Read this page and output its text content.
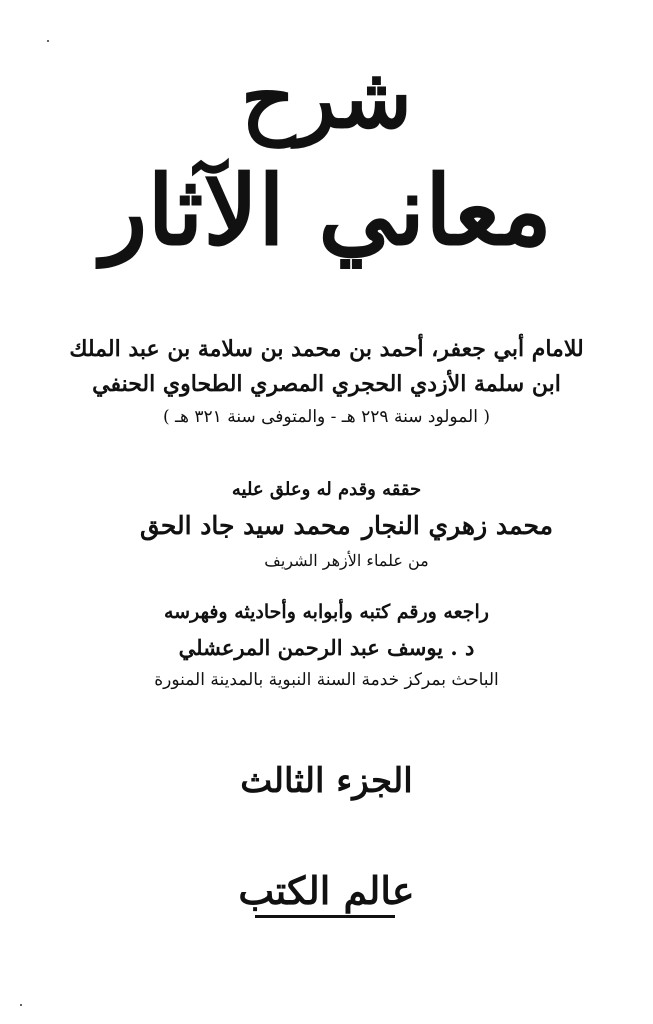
شرح
معاني الآثار
للامام أبي جعفر، أحمد بن محمد بن سلامة بن عبد الملك
ابن سلمة الأزدي الحجري المصري الطحاوي الحنفي
( المولود سنة ٢٢٩ هـ - والمتوفى سنة ٣٢١ هـ )
حققه وقدم له وعلق عليه
محمد زهري النجار
محمد سيد جاد الحق
من علماء الأزهر الشريف
راجعه ورقم كتبه وأبوابه وأحاديثه وفهرسه
د . يوسف عبد الرحمن المرعشلي
الباحث بمركز خدمة السنة النبوية بالمدينة المنورة
الجزء الثالث
عالم الكتب
